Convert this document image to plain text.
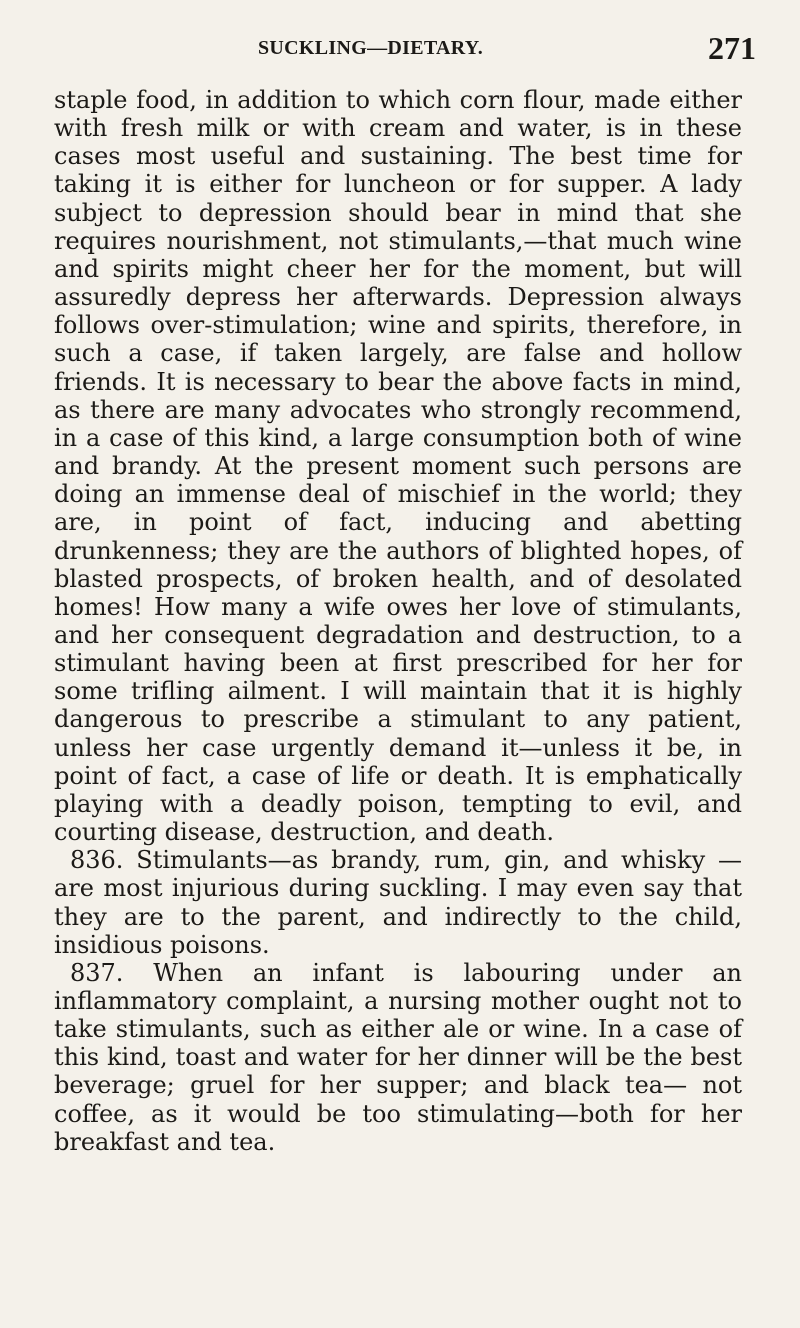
SUCKLING—DIETARY.	271

staple food, in addition to which corn flour, made either with fresh milk or with cream and water, is in these cases most useful and sustaining. The best time for taking it is either for luncheon or for supper. A lady subject to depression should bear in mind that she requires nourishment, not stimulants,—that much wine and spirits might cheer her for the moment, but will assuredly depress her afterwards. Depression always follows over-stimulation; wine and spirits, therefore, in such a case, if taken largely, are false and hollow friends. It is necessary to bear the above facts in mind, as there are many advocates who strongly recommend, in a case of this kind, a large consumption both of wine and brandy. At the present moment such persons are doing an immense deal of mischief in the world; they are, in point of fact, inducing and abetting drunkenness; they are the authors of blighted hopes, of blasted prospects, of broken health, and of desolated homes! How many a wife owes her love of stimulants, and her consequent degradation and destruction, to a stimulant having been at first prescribed for her for some trifling ailment. I will maintain that it is highly dangerous to prescribe a stimulant to any patient, unless her case urgently demand it—unless it be, in point of fact, a case of life or death. It is emphatically playing with a deadly poison, tempting to evil, and courting disease, destruction, and death.

836. Stimulants—as brandy, rum, gin, and whisky —are most injurious during suckling. I may even say that they are to the parent, and indirectly to the child, insidious poisons.

837. When an infant is labouring under an inflammatory complaint, a nursing mother ought not to take stimulants, such as either ale or wine. In a case of this kind, toast and water for her dinner will be the best beverage; gruel for her supper; and black tea— not coffee, as it would be too stimulating—both for her breakfast and tea.
